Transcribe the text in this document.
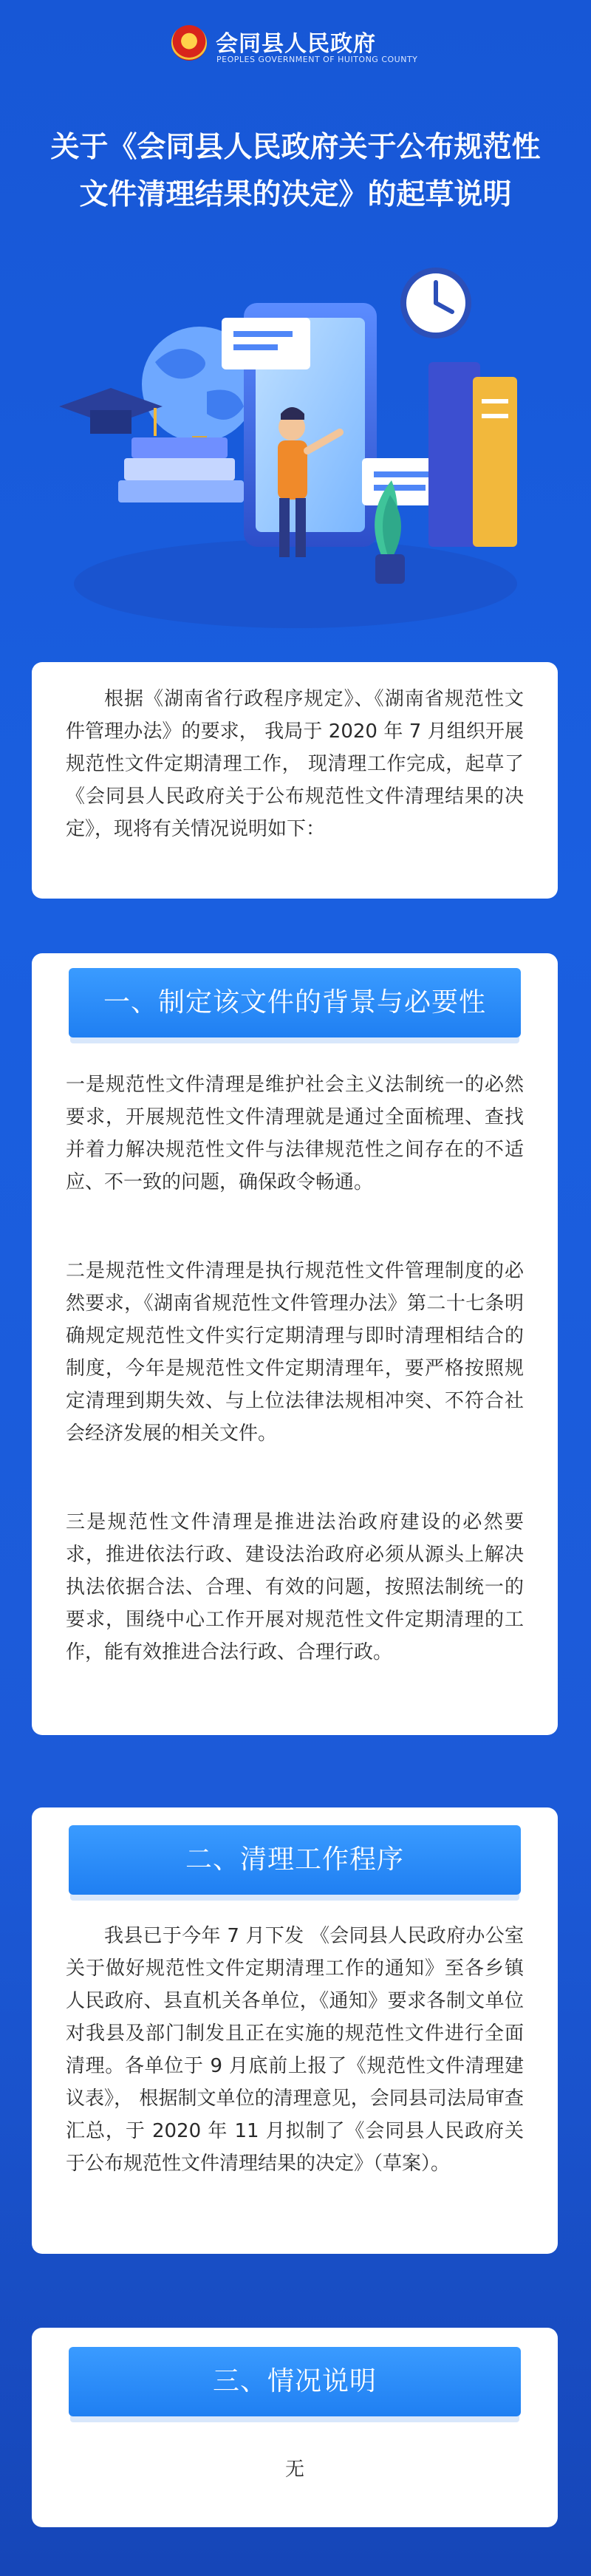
会同县人民政府
PEOPLES GOVERNMENT OF HUITONG COUNTY
关于《会同县人民政府关于公布规范性
文件清理结果的决定》的起草说明
根据《湖南省行政程序规定》、《湖南省规范性文件管理办法》的要求， 我局于 2020 年 7 月组织开展规范性文件定期清理工作， 现清理工作完成，起草了《会同县人民政府关于公布规范性文件清理结果的决定》，现将有关情况说明如下：
一、制定该文件的背景与必要性
一是规范性文件清理是维护社会主义法制统一的必然要求，开展规范性文件清理就是通过全面梳理、查找并着力解决规范性文件与法律规范性之间存在的不适应、不一致的问题，确保政令畅通。
二是规范性文件清理是执行规范性文件管理制度的必然要求，《湖南省规范性文件管理办法》第二十七条明确规定规范性文件实行定期清理与即时清理相结合的制度，今年是规范性文件定期清理年，要严格按照规定清理到期失效、与上位法律法规相冲突、不符合社会经济发展的相关文件。
三是规范性文件清理是推进法治政府建设的必然要求，推进依法行政、建设法治政府必须从源头上解决执法依据合法、合理、有效的问题，按照法制统一的要求，围绕中心工作开展对规范性文件定期清理的工作，能有效推进合法行政、合理行政。
二、清理工作程序
我县已于今年 7 月下发 《会同县人民政府办公室关于做好规范性文件定期清理工作的通知》至各乡镇人民政府、县直机关各单位，《通知》要求各制文单位对我县及部门制发且正在实施的规范性文件进行全面清理。各单位于 9 月底前上报了《规范性文件清理建议表》， 根据制文单位的清理意见，会同县司法局审查汇总，于 2020 年 11 月拟制了《会同县人民政府关于公布规范性文件清理结果的决定》（草案）。
三、情况说明
无
